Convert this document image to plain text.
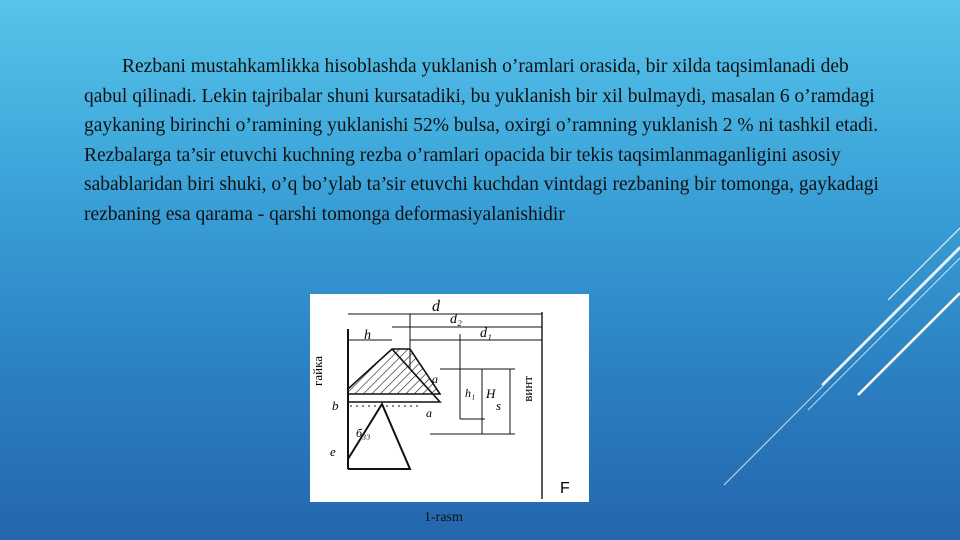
Rezbani mustahkamlikka hisoblashda yuklanish o’ramlari orasida, bir xilda taqsimlanadi deb qabul qilinadi. Lekin tajribalar shuni kursatadiki, bu yuklanish bir xil bulmaydi, masalan 6 o’ramdagi gaykaning birinchi o’ramining yuklanishi 52% bulsa, oxirgi o’ramning yuklanish 2 % ni tashkil etadi.

Rezbalarga ta’sir etuvchi kuchning rezba o’ramlari opacida bir tekis taqsimlanmaganligini asosiy sabablaridan biri shuki, o’q bo’ylab ta’sir etuvchi kuchdan vintdagi rezbaning bir tomonga, gaykadagi rezbaning esa qarama - qarshi tomonga deformasiyalanishidir

d
d₂
d₁
h
гайка
винт
a
a
b
e
h₁
б₃₃
H
s
F
1-rasm
